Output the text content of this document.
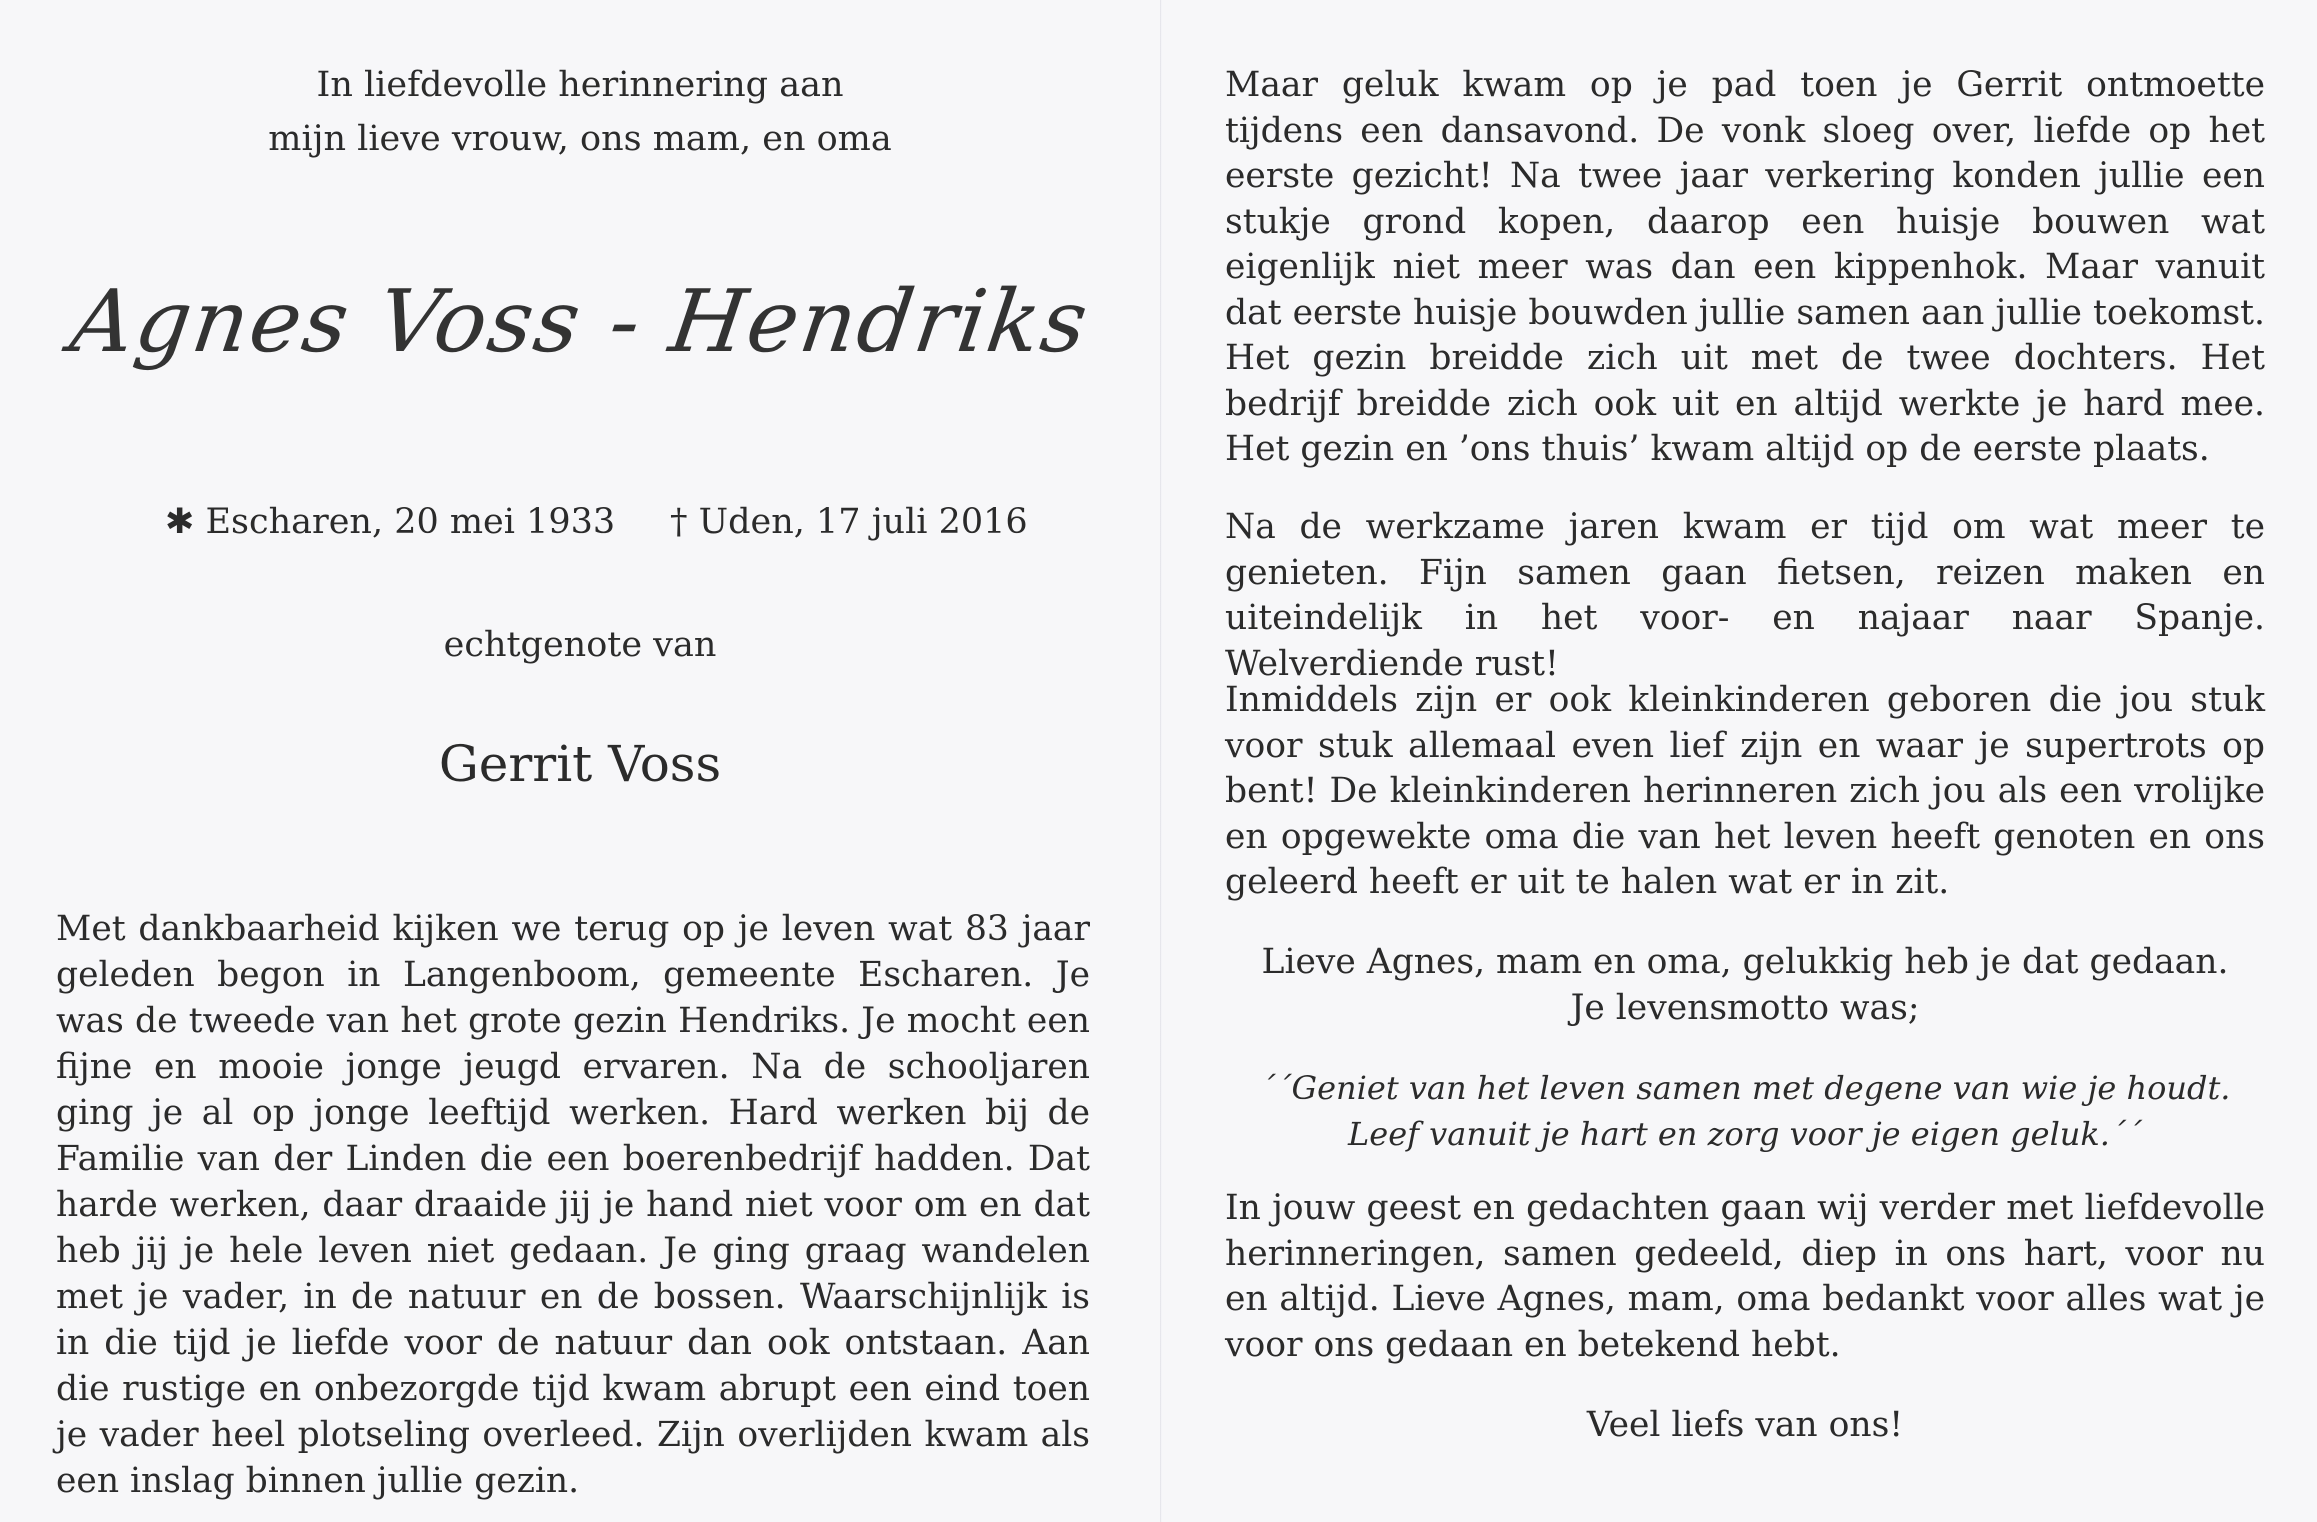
In liefdevolle herinnering aan
mijn lieve vrouw, ons mam, en oma
Agnes Voss - Hendriks
✱ Escharen, 20 mei 1933 † Uden, 17 juli 2016
echtgenote van
Gerrit Voss

Met dankbaarheid kijken we terug op je leven wat 83 jaar geleden begon in Langenboom, gemeente Escharen. Je was de tweede van het grote gezin Hendriks. Je mocht een fijne en mooie jonge jeugd ervaren. Na de schooljaren ging je al op jonge leeftijd werken. Hard werken bij de Familie van der Linden die een boerenbedrijf hadden. Dat harde werken, daar draaide jij je hand niet voor om en dat heb jij je hele leven niet gedaan. Je ging graag wandelen met je vader, in de natuur en de bossen. Waarschijnlijk is in die tijd je liefde voor de natuur dan ook ontstaan. Aan die rustige en onbezorgde tijd kwam abrupt een eind toen je vader heel plotseling overleed. Zijn overlijden kwam als een inslag binnen jullie gezin.

Maar geluk kwam op je pad toen je Gerrit ontmoette tijdens een dansavond. De vonk sloeg over, liefde op het eerste gezicht! Na twee jaar verkering konden jullie een stukje grond kopen, daarop een huisje bouwen wat eigenlijk niet meer was dan een kippenhok. Maar vanuit dat eerste huisje bouwden jullie samen aan jullie toekomst. Het gezin breidde zich uit met de twee dochters. Het bedrijf breidde zich ook uit en altijd werkte je hard mee. Het gezin en ’ons thuis’ kwam altijd op de eerste plaats.

Na de werkzame jaren kwam er tijd om wat meer te genieten. Fijn samen gaan fietsen, reizen maken en uiteindelijk in het voor- en najaar naar Spanje. Welverdiende rust!

Inmiddels zijn er ook kleinkinderen geboren die jou stuk voor stuk allemaal even lief zijn en waar je supertrots op bent! De kleinkinderen herinneren zich jou als een vrolijke en opgewekte oma die van het leven heeft genoten en ons geleerd heeft er uit te halen wat er in zit.

Lieve Agnes, mam en oma, gelukkig heb je dat gedaan.
Je levensmotto was;
´´Geniet van het leven samen met degene van wie je houdt.
Leef vanuit je hart en zorg voor je eigen geluk.´´

In jouw geest en gedachten gaan wij verder met liefdevolle herinneringen, samen gedeeld, diep in ons hart, voor nu en altijd. Lieve Agnes, mam, oma bedankt voor alles wat je voor ons gedaan en betekend hebt.

Veel liefs van ons!
